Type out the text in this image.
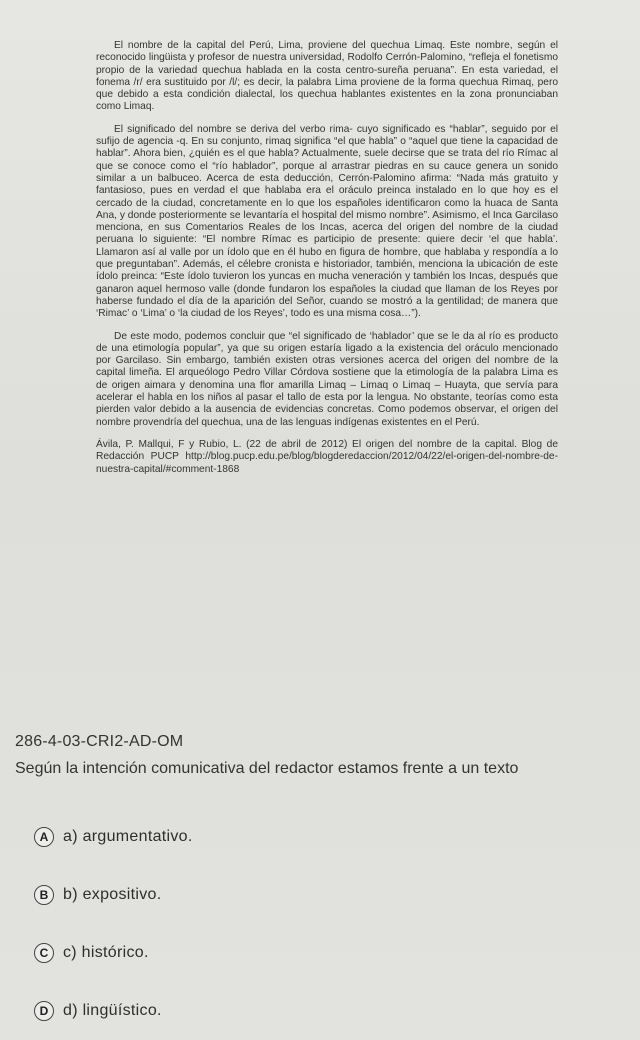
El nombre de la capital del Perú, Lima, proviene del quechua Limaq. Este nombre, según el reconocido lingüista y profesor de nuestra universidad, Rodolfo Cerrón-Palomino, “refleja el fonetismo propio de la variedad quechua hablada en la costa centro-sureña peruana”. En esta variedad, el fonema /r/ era sustituido por /l/; es decir, la palabra Lima proviene de la forma quechua Rimaq, pero que debido a esta condición dialectal, los quechua hablantes existentes en la zona pronunciaban como Limaq.

El significado del nombre se deriva del verbo rima- cuyo significado es “hablar”, seguido por el sufijo de agencia -q. En su conjunto, rimaq significa “el que habla” o “aquel que tiene la capacidad de hablar”. Ahora bien, ¿quién es el que habla? Actualmente, suele decirse que se trata del río Rímac al que se conoce como el “río hablador”, porque al arrastrar piedras en su cauce genera un sonido similar a un balbuceo. Acerca de esta deducción, Cerrón-Palomino afirma: “Nada más gratuito y fantasioso, pues en verdad el que hablaba era el oráculo preinca instalado en lo que hoy es el cercado de la ciudad, concretamente en lo que los españoles identificaron como la huaca de Santa Ana, y donde posteriormente se levantaría el hospital del mismo nombre”. Asimismo, el Inca Garcilaso menciona, en sus Comentarios Reales de los Incas, acerca del origen del nombre de la ciudad peruana lo siguiente: “El nombre Rímac es participio de presente: quiere decir ‘el que habla’. Llamaron así al valle por un ídolo que en él hubo en figura de hombre, que hablaba y respondía a lo que preguntaban”. Además, el célebre cronista e historiador, también, menciona la ubicación de este ídolo preinca: “Este ídolo tuvieron los yuncas en mucha veneración y también los Incas, después que ganaron aquel hermoso valle (donde fundaron los españoles la ciudad que llaman de los Reyes por haberse fundado el día de la aparición del Señor, cuando se mostró a la gentilidad; de manera que ‘Rimac’ o ‘Lima’ o ‘la ciudad de los Reyes’, todo es una misma cosa…”).

De este modo, podemos concluir que “el significado de ‘hablador’ que se le da al río es producto de una etimología popular”, ya que su origen estaría ligado a la existencia del oráculo mencionado por Garcilaso. Sin embargo, también existen otras versiones acerca del origen del nombre de la capital limeña. El arqueólogo Pedro Villar Córdova sostiene que la etimología de la palabra Lima es de origen aimara y denomina una flor amarilla Limaq – Limaq o Limaq – Huayta, que servía para acelerar el habla en los niños al pasar el tallo de esta por la lengua. No obstante, teorías como esta pierden valor debido a la ausencia de evidencias concretas. Como podemos observar, el origen del nombre provendría del quechua, una de las lenguas indígenas existentes en el Perú.

Ávila, P. Mallqui, F y Rubio, L. (22 de abril de 2012) El origen del nombre de la capital. Blog de Redacción PUCP http://blog.pucp.edu.pe/blog/blogderedaccion/2012/04/22/el-origen-del-nombre-de-nuestra-capital/#comment-1868

286-4-03-CRI2-AD-OM
Según la intención comunicativa del redactor estamos frente a un texto
A a) argumentativo.
B b) expositivo.
C c) histórico.
D d) lingüístico.
